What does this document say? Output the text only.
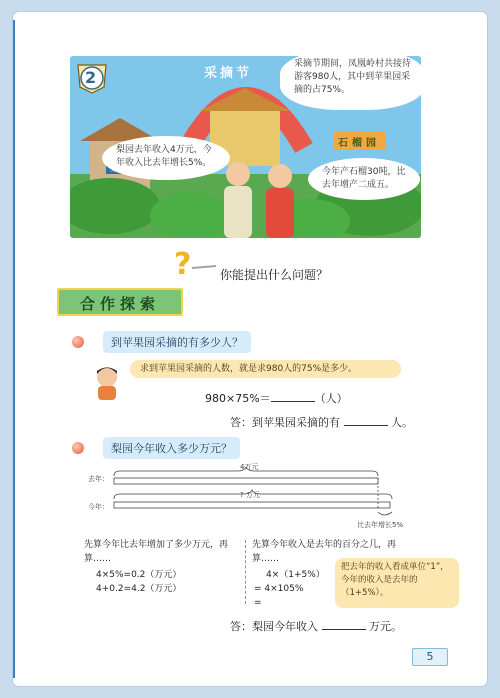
2	采摘节
采摘节期间，凤凰岭村共接待游客980人，其中到苹果园采摘的占75%。
梨园去年收入4万元，今年收入比去年增长5%。
今年产石榴30吨，比去年增产二成五。
梨园
石榴园
? 你能提出什么问题？
合作探索
到苹果园采摘的有多少人？
求到苹果园采摘的人数，就是求980人的75%是多少。
980×75%＝	（人）
答：到苹果园采摘的有	人。
梨园今年收入多少万元？
去年：
今年：
4万元
? 万元
比去年增长5%
先算今年比去年增加了多少万元，再算……
4×5%=0.2（万元）
4+0.2=4.2（万元）
先算今年收入是去年的百分之几，再算……
4×（1+5%）
= 4×105%
=
把去年的收入看成单位“1”，今年的收入是去年的（1+5%）。
答：梨园今年收入	万元。
5
